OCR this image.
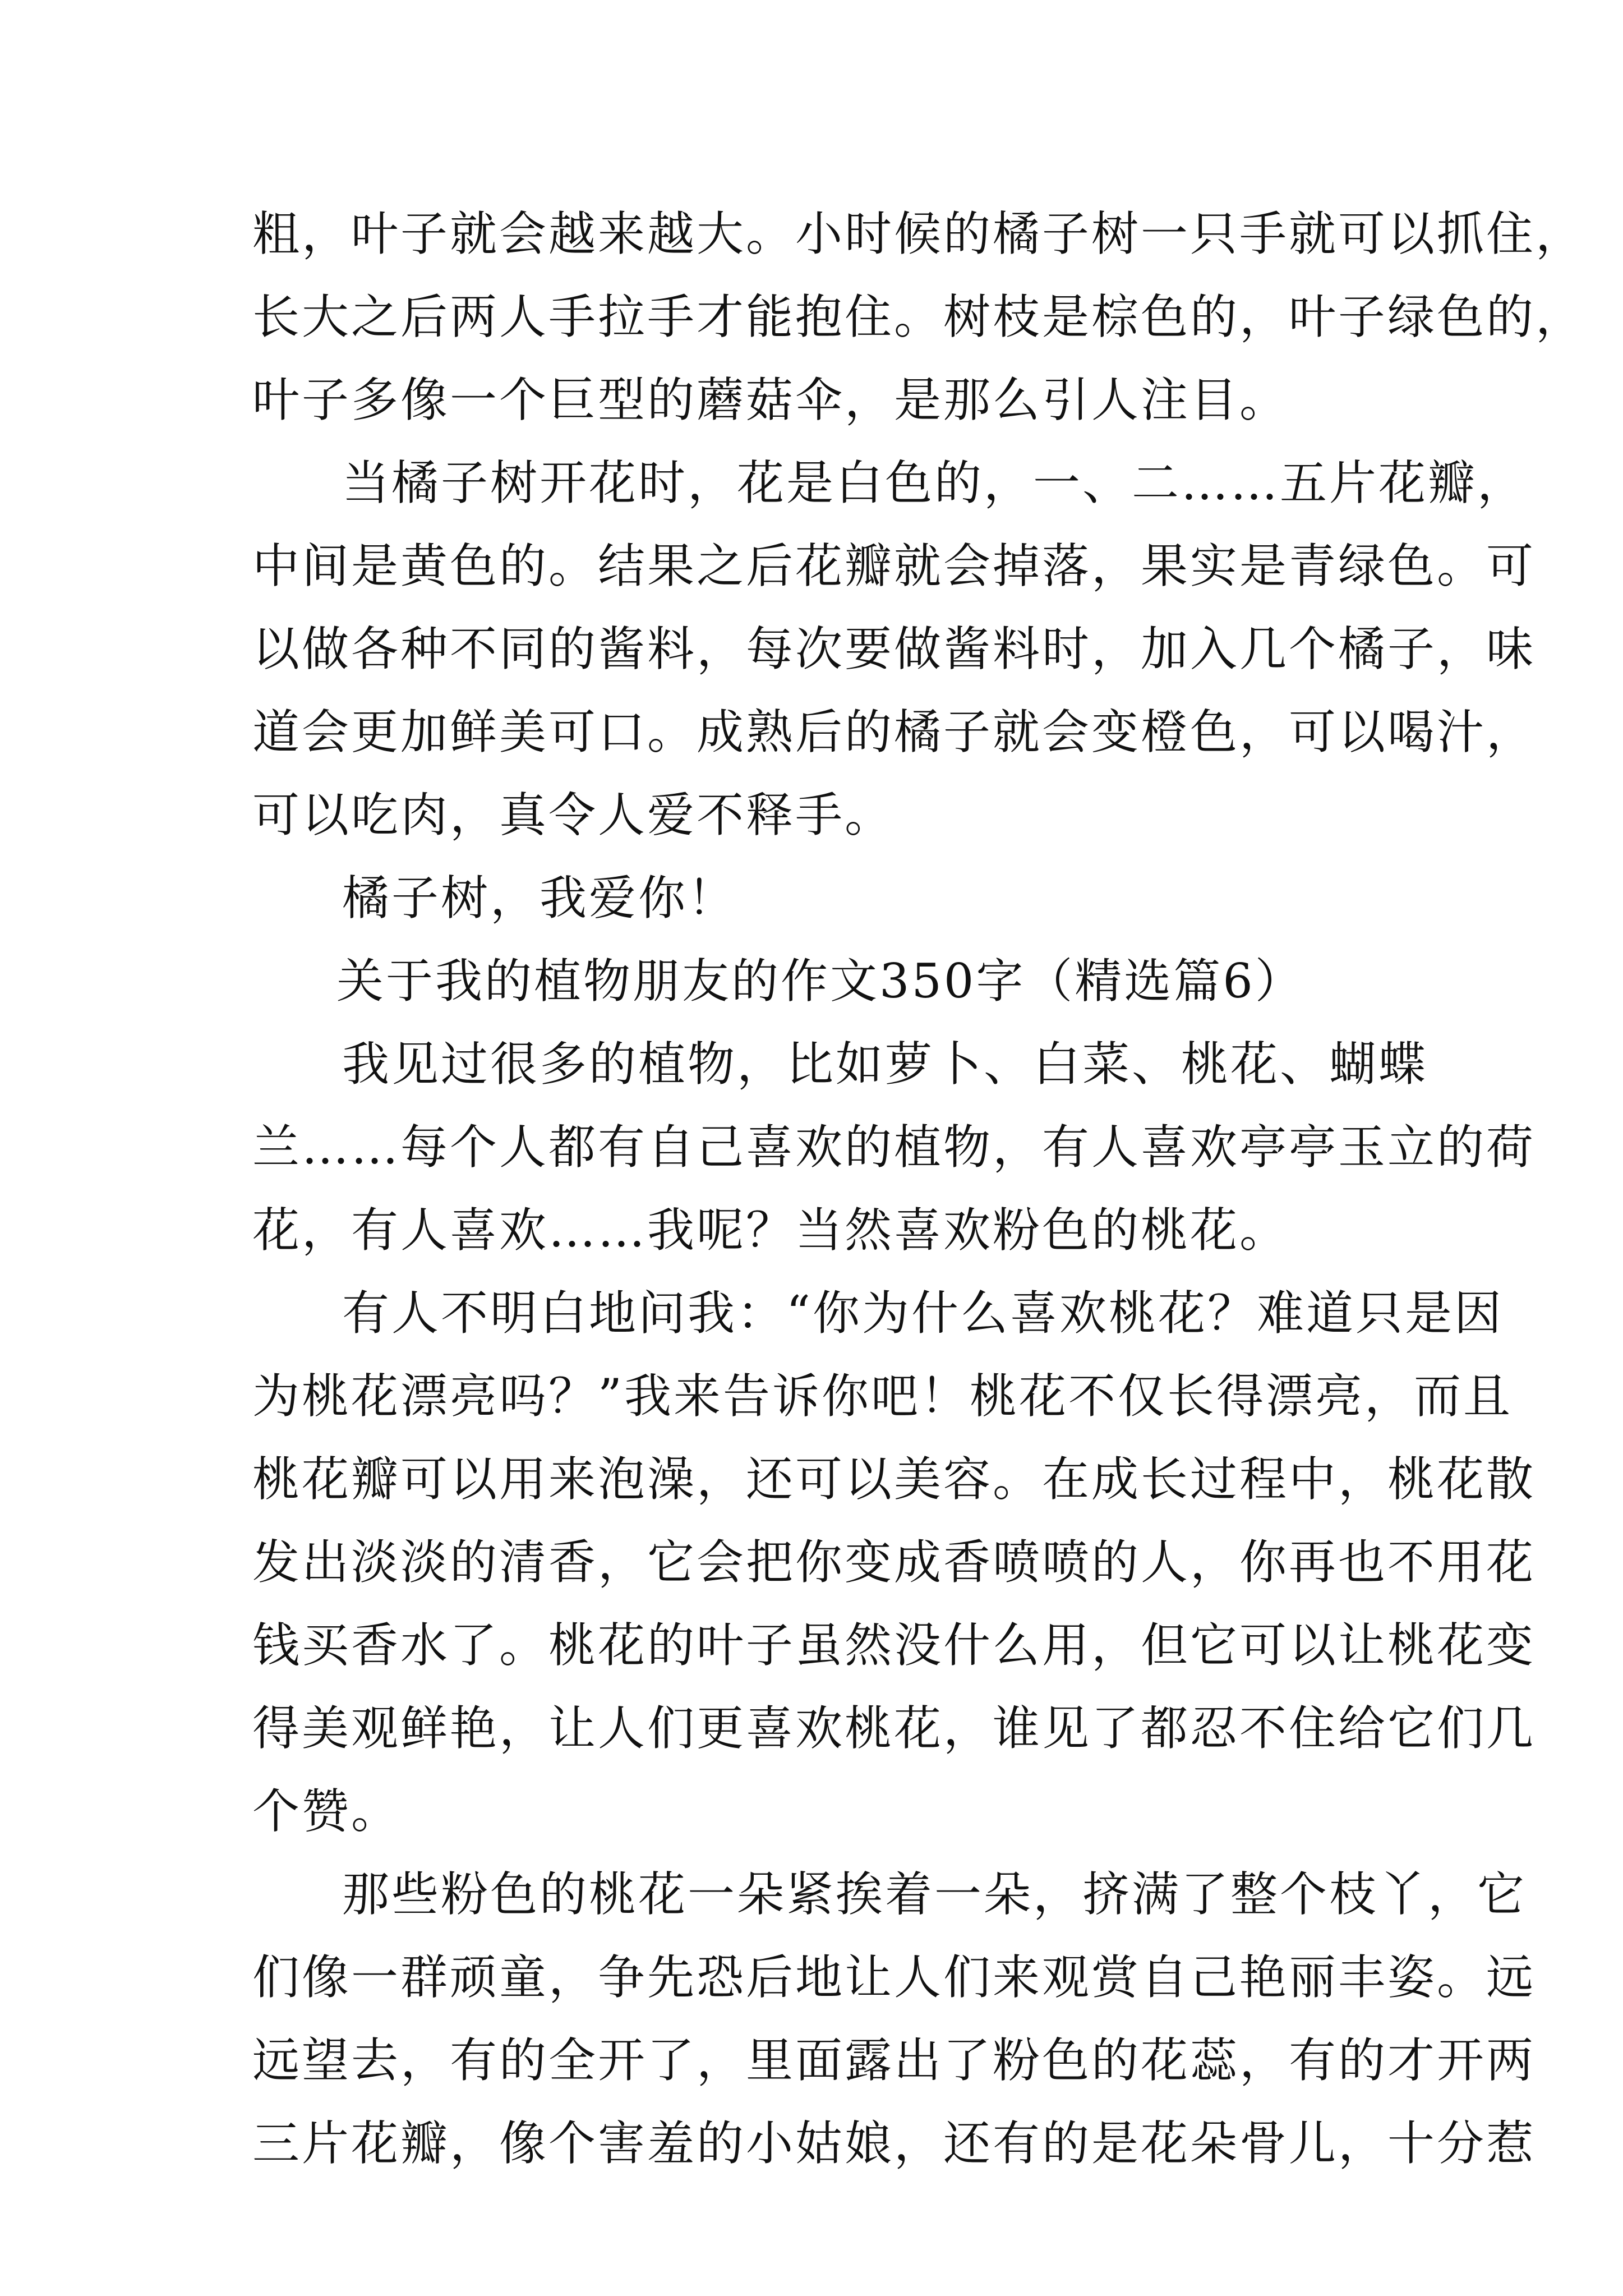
粗，叶子就会越来越大。小时候的橘子树一只手就可以抓住，
长大之后两人手拉手才能抱住。树枝是棕色的，叶子绿色的，
叶子多像一个巨型的蘑菇伞，是那么引人注目。
当橘子树开花时，花是白色的，一、二……五片花瓣，
中间是黄色的。结果之后花瓣就会掉落，果实是青绿色。可
以做各种不同的酱料，每次要做酱料时，加入几个橘子，味
道会更加鲜美可口。成熟后的橘子就会变橙色，可以喝汁，
可以吃肉，真令人爱不释手。
橘子树，我爱你！
关于我的植物朋友的作文350字（精选篇6）
我见过很多的植物，比如萝卜、白菜、桃花、蝴蝶
兰……每个人都有自己喜欢的植物，有人喜欢亭亭玉立的荷
花，有人喜欢……我呢？当然喜欢粉色的桃花。
有人不明白地问我：“你为什么喜欢桃花？难道只是因
为桃花漂亮吗？”我来告诉你吧！桃花不仅长得漂亮，而且
桃花瓣可以用来泡澡，还可以美容。在成长过程中，桃花散
发出淡淡的清香，它会把你变成香喷喷的人，你再也不用花
钱买香水了。桃花的叶子虽然没什么用，但它可以让桃花变
得美观鲜艳，让人们更喜欢桃花，谁见了都忍不住给它们几
个赞。
那些粉色的桃花一朵紧挨着一朵，挤满了整个枝丫，它
们像一群顽童，争先恐后地让人们来观赏自己艳丽丰姿。远
远望去，有的全开了，里面露出了粉色的花蕊，有的才开两
三片花瓣，像个害羞的小姑娘，还有的是花朵骨儿，十分惹
